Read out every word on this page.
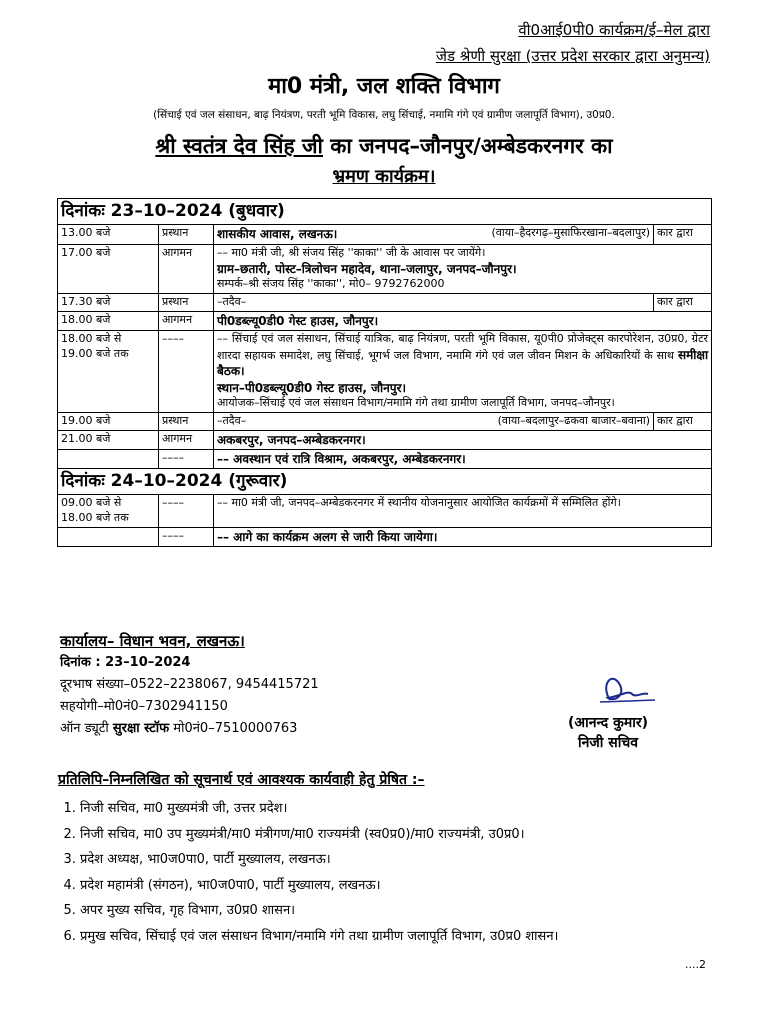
वी0आई0पी0 कार्यक्रम/ई–मेल द्वारा
जेड श्रेणी सुरक्षा (उत्तर प्रदेश सरकार द्वारा अनुमन्य)
मा0 मंत्री, जल शक्ति विभाग
(सिंचाई एवं जल संसाधन, बाढ़ नियंत्रण, परती भूमि विकास, लघु सिंचाई, नमामि गंगे एवं ग्रामीण जलापूर्ति विभाग), उ0प्र0.
श्री स्वतंत्र देव सिंह जी का जनपद–जौनपुर/अम्बेडकरनगर का
भ्रमण कार्यक्रम।
दिनांकः 23–10–2024 (बुधवार)			
13.00 बजे	प्रस्थान	शासकीय आवास, लखनऊ। (वाया–हैदरगढ़–मुसाफिरखाना–बदलापुर)	कार द्वारा
17.00 बजे	आगमन	–– मा0 मंत्री जी, श्री संजय सिंह ''काका'' जी के आवास पर जायेंगे।
ग्राम–छतारी, पोस्ट–त्रिलोचन महादेव, थाना–जलापुर, जनपद–जौनपुर।
सम्पर्क–श्री संजय सिंह ''काका'', मो0– 9792762000	

17.30 बजे	प्रस्थान	–तदैव–	कार द्वारा
18.00 बजे	आगमन	पी0डब्ल्यू0डी0 गेस्ट हाउस, जौनपुर।	
18.00 बजे से 19.00 बजे तक	––––	–– सिंचाई एवं जल संसाधन, सिंचाई यात्रिक, बाढ़ नियंत्रण, परती भूमि विकास, यू0पी0 प्रोजेक्ट्स कारपोरेशन, उ0प्र0, ग्रेटर शारदा सहायक समादेश, लघु सिंचाई, भूगर्भ जल विभाग, नमामि गंगे एवं जल जीवन मिशन के अधिकारियों के साथ समीक्षा बैठक।
स्थान–पी0डब्ल्यू0डी0 गेस्ट हाउस, जौनपुर।
आयोजक–सिंचाई एवं जल संसाधन विभाग/नमामि गंगे तथा ग्रामीण जलापूर्ति विभाग, जनपद–जौनपुर।	

19.00 बजे	प्रस्थान	–तदैव– (वाया–बदलापुर–ढकवा बाजार–बवाना)	कार द्वारा
21.00 बजे	आगमन	अकबरपुर, जनपद–अम्बेडकरनगर।	
	––––	–– अवस्थान एवं रात्रि विश्राम, अकबरपुर, अम्बेडकरनगर।	
दिनांकः 24–10–2024 (गुरूवार)			
09.00 बजे से 18.00 बजे तक	––––	–– मा0 मंत्री जी, जनपद–अम्बेडकरनगर में स्थानीय योजनानुसार आयोजित कार्यक्रमों में सम्मिलित होंगे।	
	––––	–– आगे का कार्यक्रम अलग से जारी किया जायेगा।	
कार्यालय– विधान भवन, लखनऊ।
दिनांक : 23–10–2024
दूरभाष संख्या–0522–2238067, 9454415721
सहयोगी–मो0नं0–7302941150
ऑन ड्यूटी सुरक्षा स्टॉफ मो0नं0–7510000763	(आनन्द कुमार)
निजी सचिव
प्रतिलिपि–निम्नलिखित को सूचनार्थ एवं आवश्यक कार्यवाही हेतु प्रेषित :–
1. निजी सचिव, मा0 मुख्यमंत्री जी, उत्तर प्रदेश।
2. निजी सचिव, मा0 उप मुख्यमंत्री/मा0 मंत्रीगण/मा0 राज्यमंत्री (स्व0प्र0)/मा0 राज्यमंत्री, उ0प्र0।
3. प्रदेश अध्यक्ष, भा0ज0पा0, पार्टी मुख्यालय, लखनऊ।
4. प्रदेश महामंत्री (संगठन), भा0ज0पा0, पार्टी मुख्यालय, लखनऊ।
5. अपर मुख्य सचिव, गृह विभाग, उ0प्र0 शासन।
6. प्रमुख सचिव, सिंचाई एवं जल संसाधन विभाग/नमामि गंगे तथा ग्रामीण जलापूर्ति विभाग, उ0प्र0 शासन।
....2
